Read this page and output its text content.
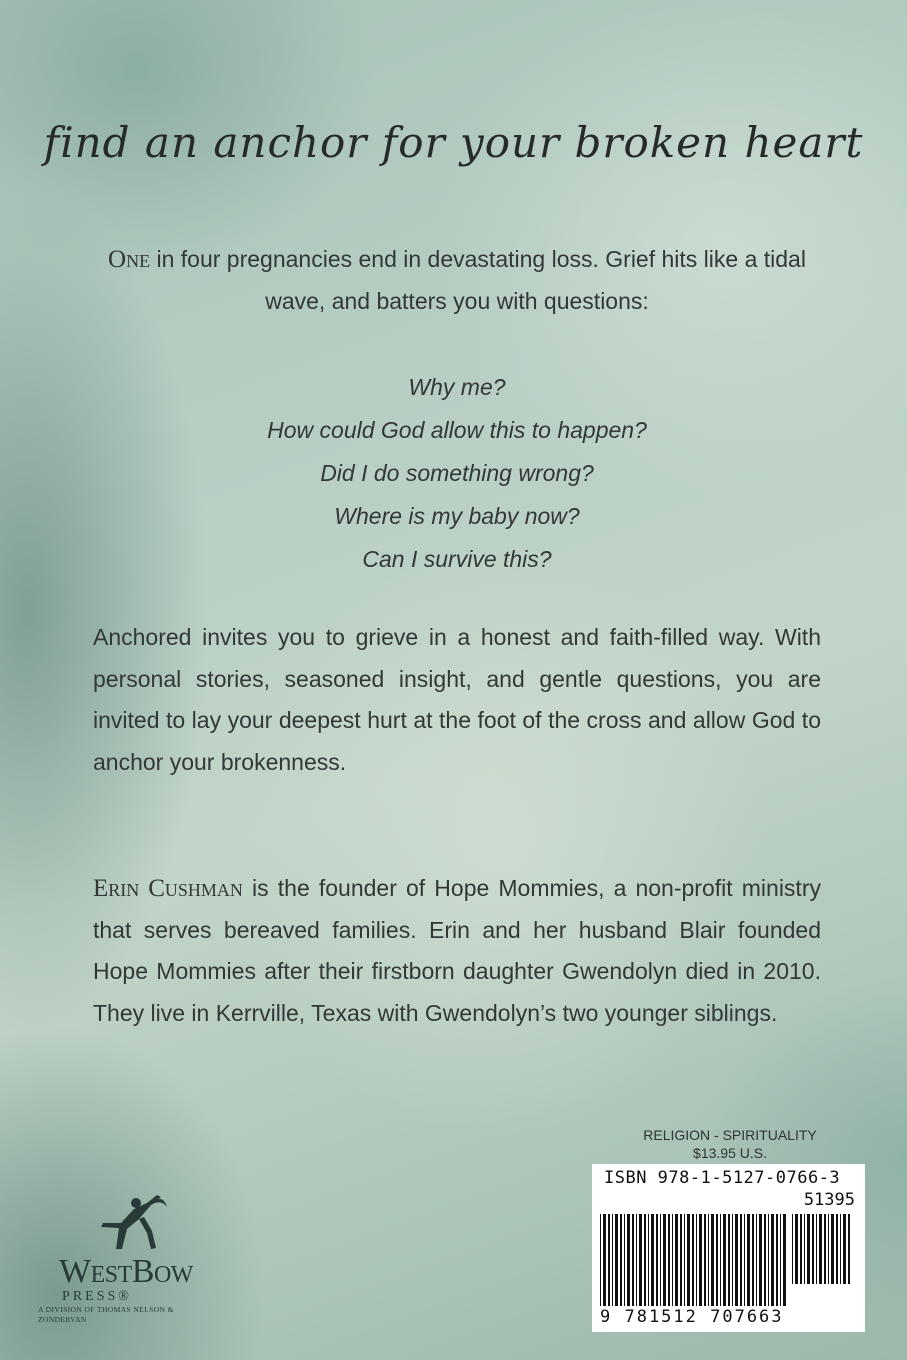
find an anchor for your broken heart

One in four pregnancies end in devastating loss. Grief hits like a tidal wave, and batters you with questions:

Why me?
How could God allow this to happen?
Did I do something wrong?
Where is my baby now?
Can I survive this?

Anchored invites you to grieve in a honest and faith-filled way. With personal stories, seasoned insight, and gentle questions, you are invited to lay your deepest hurt at the foot of the cross and allow God to anchor your brokenness.

Erin Cushman is the founder of Hope Mommies, a non-profit ministry that serves bereaved families. Erin and her husband Blair founded Hope Mommies after their firstborn daughter Gwendolyn died in 2010. They live in Kerrville, Texas with Gwendolyn’s two younger siblings.

RELIGION - SPIRITUALITY
$13.95 U.S.
ISBN 978-1-5127-0766-3
51395
9 781512 707663
WestBow
PRESS®
A DIVISION OF THOMAS NELSON & ZONDERVAN
